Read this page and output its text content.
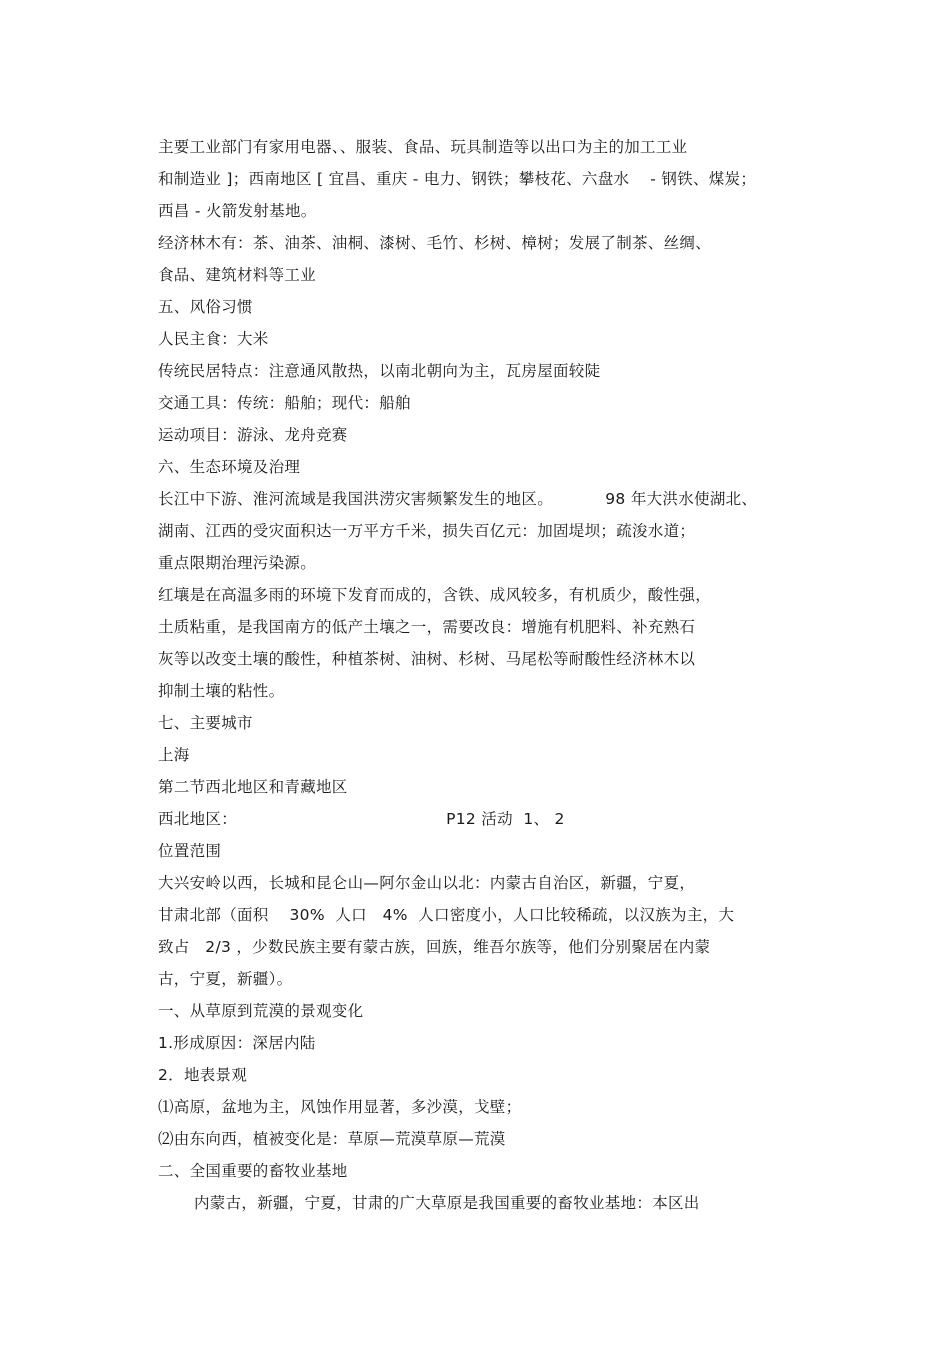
主要工业部门有家用电器、、服装、食品、玩具制造等以出口为主的加工工业
和制造业 ]；西南地区 [ 宜昌、重庆 - 电力、钢铁；攀枝花、六盘水    - 钢铁、煤炭；
西昌 - 火箭发射基地。
经济林木有：茶、油茶、油桐、漆树、毛竹、杉树、樟树；发展了制茶、丝绸、
食品、建筑材料等工业
五、风俗习惯
人民主食：大米
传统民居特点：注意通风散热，以南北朝向为主，瓦房屋面较陡
交通工具：传统：船舶；现代：船舶
运动项目：游泳、龙舟竞赛
六、生态环境及治理
长江中下游、淮河流域是我国洪涝灾害频繁发生的地区。          98 年大洪水使湖北、
湖南、江西的受灾面积达一万平方千米，损失百亿元：加固堤坝；疏浚水道；
重点限期治理污染源。
红壤是在高温多雨的环境下发育而成的，含铁、成风较多，有机质少，酸性强，
土质粘重，是我国南方的低产土壤之一，需要改良：增施有机肥料、补充熟石
灰等以改变土壤的酸性，种植茶树、油树、杉树、马尾松等耐酸性经济林木以
抑制土壤的粘性。
七、主要城市
上海
第二节西北地区和青藏地区
西北地区：                                        P12 活动  1、 2
位置范围
大兴安岭以西，长城和昆仑山—阿尔金山以北：内蒙古自治区，新疆，宁夏，
甘肃北部（面积    30%  人口   4%  人口密度小，人口比较稀疏，以汉族为主，大
致占   2/3 ，少数民族主要有蒙古族，回族，维吾尔族等，他们分别聚居在内蒙
古，宁夏，新疆）。
一、从草原到荒漠的景观变化
1.形成原因：深居内陆
2．地表景观
⑴高原，盆地为主，风蚀作用显著，多沙漠，戈壁；
⑵由东向西，植被变化是：草原—荒漠草原—荒漠
二、全国重要的畜牧业基地
内蒙古，新疆，宁夏，甘肃的广大草原是我国重要的畜牧业基地：本区出
